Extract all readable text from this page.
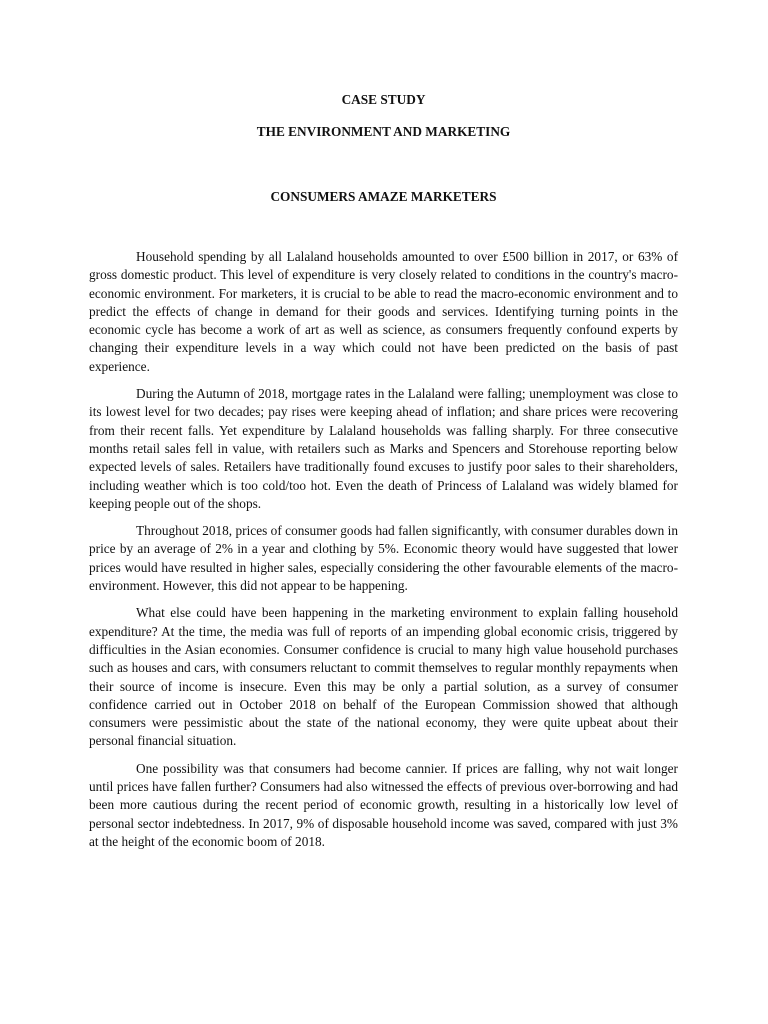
CASE STUDY
THE ENVIRONMENT AND MARKETING
CONSUMERS AMAZE MARKETERS

Household spending by all Lalaland households amounted to over £500 billion in 2017, or 63% of gross domestic product. This level of expenditure is very closely related to conditions in the country's macro-economic environment. For marketers, it is crucial to be able to read the macro-economic environment and to predict the effects of change in demand for their goods and services. Identifying turning points in the economic cycle has become a work of art as well as science, as consumers frequently confound experts by changing their expenditure levels in a way which could not have been predicted on the basis of past experience.

During the Autumn of 2018, mortgage rates in the Lalaland were falling; unemployment was close to its lowest level for two decades; pay rises were keeping ahead of inflation; and share prices were recovering from their recent falls. Yet expenditure by Lalaland households was falling sharply. For three consecutive months retail sales fell in value, with retailers such as Marks and Spencers and Storehouse reporting below expected levels of sales. Retailers have traditionally found excuses to justify poor sales to their shareholders, including weather which is too cold/too hot. Even the death of Princess of Lalaland was widely blamed for keeping people out of the shops.

Throughout 2018, prices of consumer goods had fallen significantly, with consumer durables down in price by an average of 2% in a year and clothing by 5%. Economic theory would have suggested that lower prices would have resulted in higher sales, especially considering the other favourable elements of the macro-environment. However, this did not appear to be happening.

What else could have been happening in the marketing environment to explain falling household expenditure? At the time, the media was full of reports of an impending global economic crisis, triggered by difficulties in the Asian economies. Consumer confidence is crucial to many high value household purchases such as houses and cars, with consumers reluctant to commit themselves to regular monthly repayments when their source of income is insecure. Even this may be only a partial solution, as a survey of consumer confidence carried out in October 2018 on behalf of the European Commission showed that although consumers were pessimistic about the state of the national economy, they were quite upbeat about their personal financial situation.

One possibility was that consumers had become cannier. If prices are falling, why not wait longer until prices have fallen further? Consumers had also witnessed the effects of previous over-borrowing and had been more cautious during the recent period of economic growth, resulting in a historically low level of personal sector indebtedness. In 2017, 9% of disposable household income was saved, compared with just 3% at the height of the economic boom of 2018.
